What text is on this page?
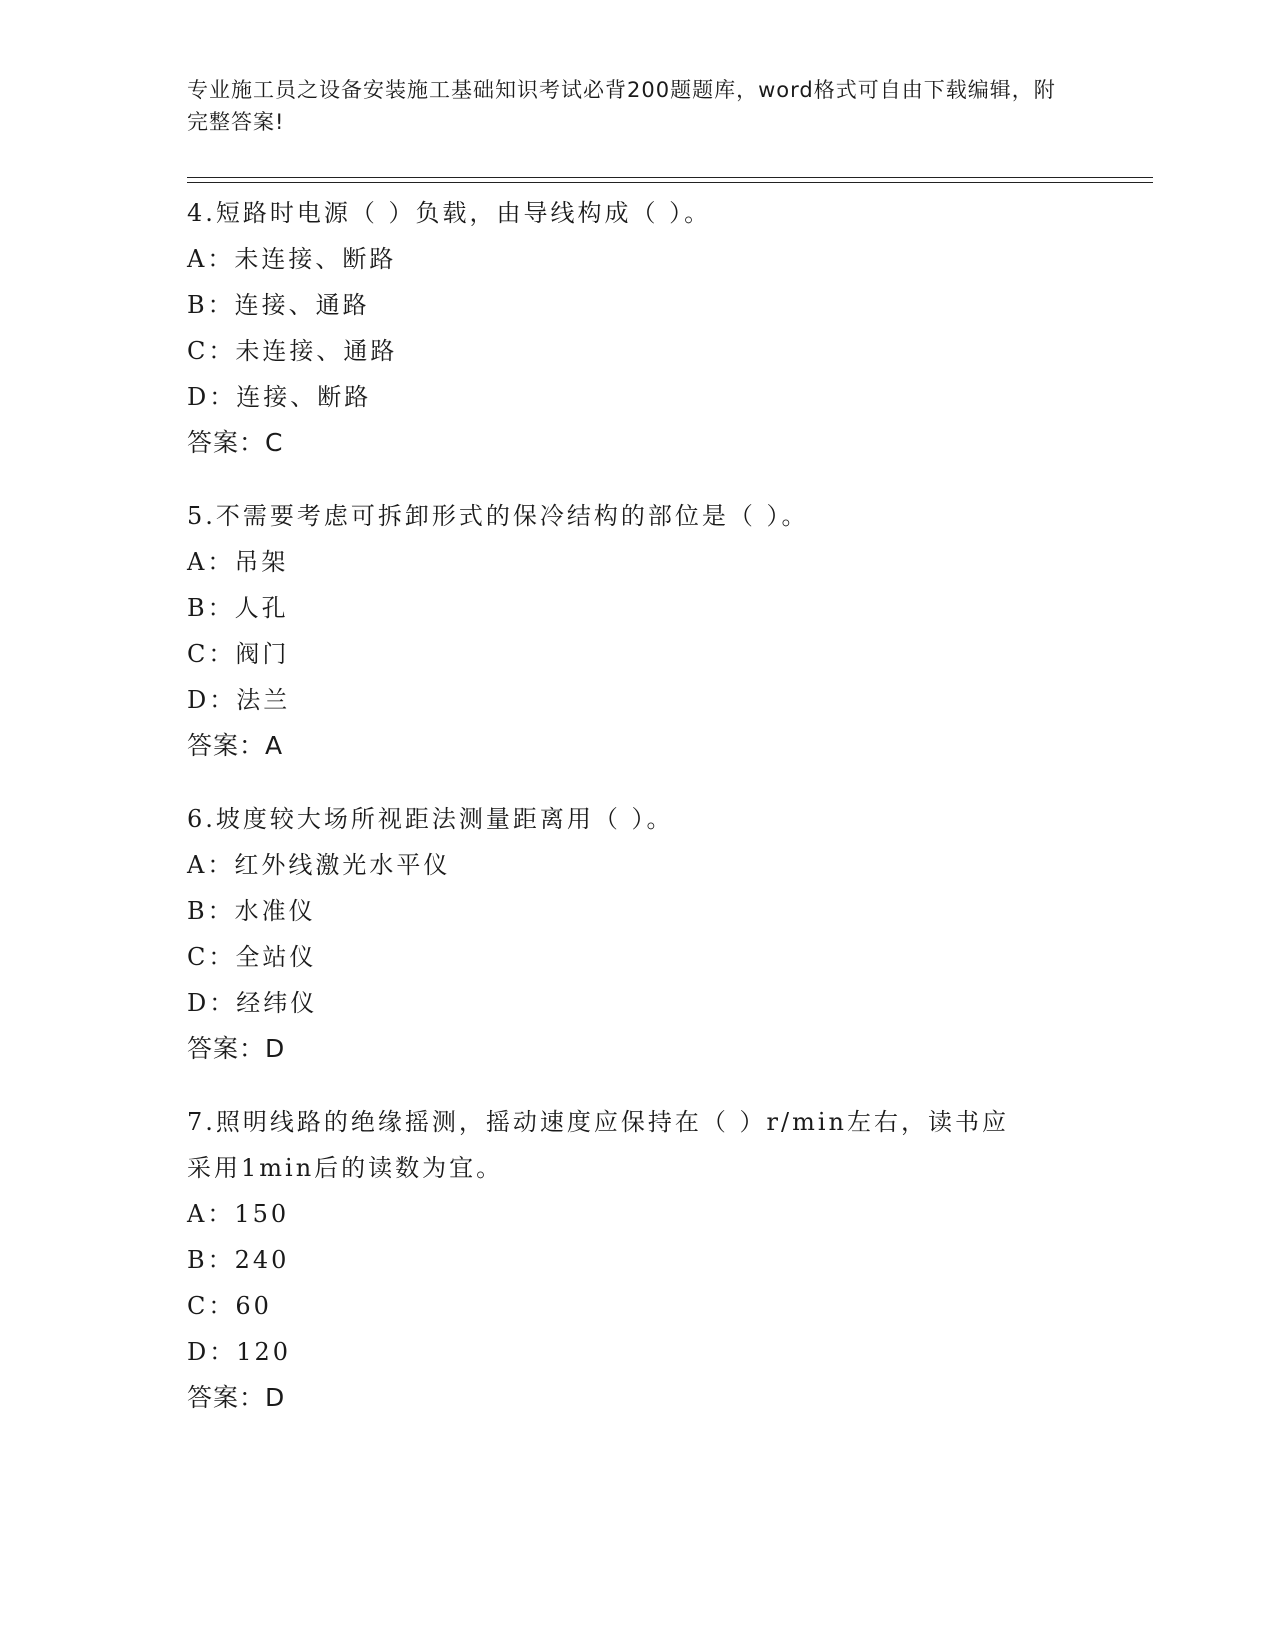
专业施工员之设备安装施工基础知识考试必背200题题库，word格式可自由下载编辑，附完整答案!
4.短路时电源（ ）负载，由导线构成（ ）。
A：未连接、断路
B：连接、通路
C：未连接、通路
D：连接、断路
答案：C
5.不需要考虑可拆卸形式的保冷结构的部位是（ ）。
A：吊架
B：人孔
C：阀门
D：法兰
答案：A
6.坡度较大场所视距法测量距离用（ ）。
A：红外线激光水平仪
B：水准仪
C：全站仪
D：经纬仪
答案：D
7.照明线路的绝缘摇测，摇动速度应保持在（ ）r/min左右，读书应
采用1min后的读数为宜。
A：150
B：240
C：60
D：120
答案：D
